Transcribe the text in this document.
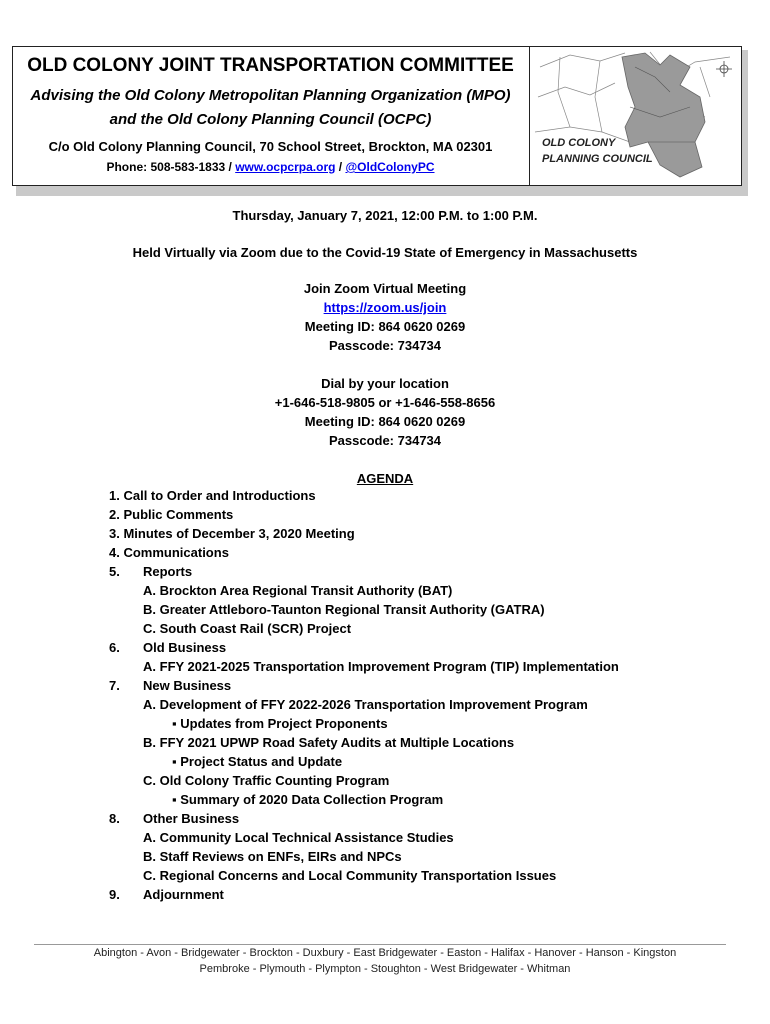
OLD COLONY JOINT TRANSPORTATION COMMITTEE
Advising the Old Colony Metropolitan Planning Organization (MPO)
and the Old Colony Planning Council (OCPC)
C/o Old Colony Planning Council, 70 School Street, Brockton, MA 02301
Phone: 508-583-1833 / www.ocpcrpa.org / @OldColonyPC
OLD COLONY
PLANNING COUNCIL
Thursday, January 7, 2021, 12:00 P.M. to 1:00 P.M.
Held Virtually via Zoom due to the Covid-19 State of Emergency in Massachusetts
Join Zoom Virtual Meeting
https://zoom.us/join
Meeting ID: 864 0620 0269
Passcode: 734734
Dial by your location
+1-646-518-9805 or +1-646-558-8656
Meeting ID: 864 0620 0269
Passcode: 734734
AGENDA
1. Call to Order and Introductions
2. Public Comments
3. Minutes of December 3, 2020 Meeting
4. Communications
5. Reports
A. Brockton Area Regional Transit Authority (BAT)
B. Greater Attleboro-Taunton Regional Transit Authority (GATRA)
C. South Coast Rail (SCR) Project
6. Old Business
A. FFY 2021-2025 Transportation Improvement Program (TIP) Implementation
7. New Business
A. Development of FFY 2022-2026 Transportation Improvement Program
▪ Updates from Project Proponents
B. FFY 2021 UPWP Road Safety Audits at Multiple Locations
▪ Project Status and Update
C. Old Colony Traffic Counting Program
▪ Summary of 2020 Data Collection Program
8. Other Business
A. Community Local Technical Assistance Studies
B. Staff Reviews on ENFs, EIRs and NPCs
C. Regional Concerns and Local Community Transportation Issues
9. Adjournment
Abington - Avon - Bridgewater - Brockton - Duxbury - East Bridgewater - Easton - Halifax - Hanover - Hanson - Kingston
Pembroke - Plymouth - Plympton - Stoughton - West Bridgewater - Whitman
